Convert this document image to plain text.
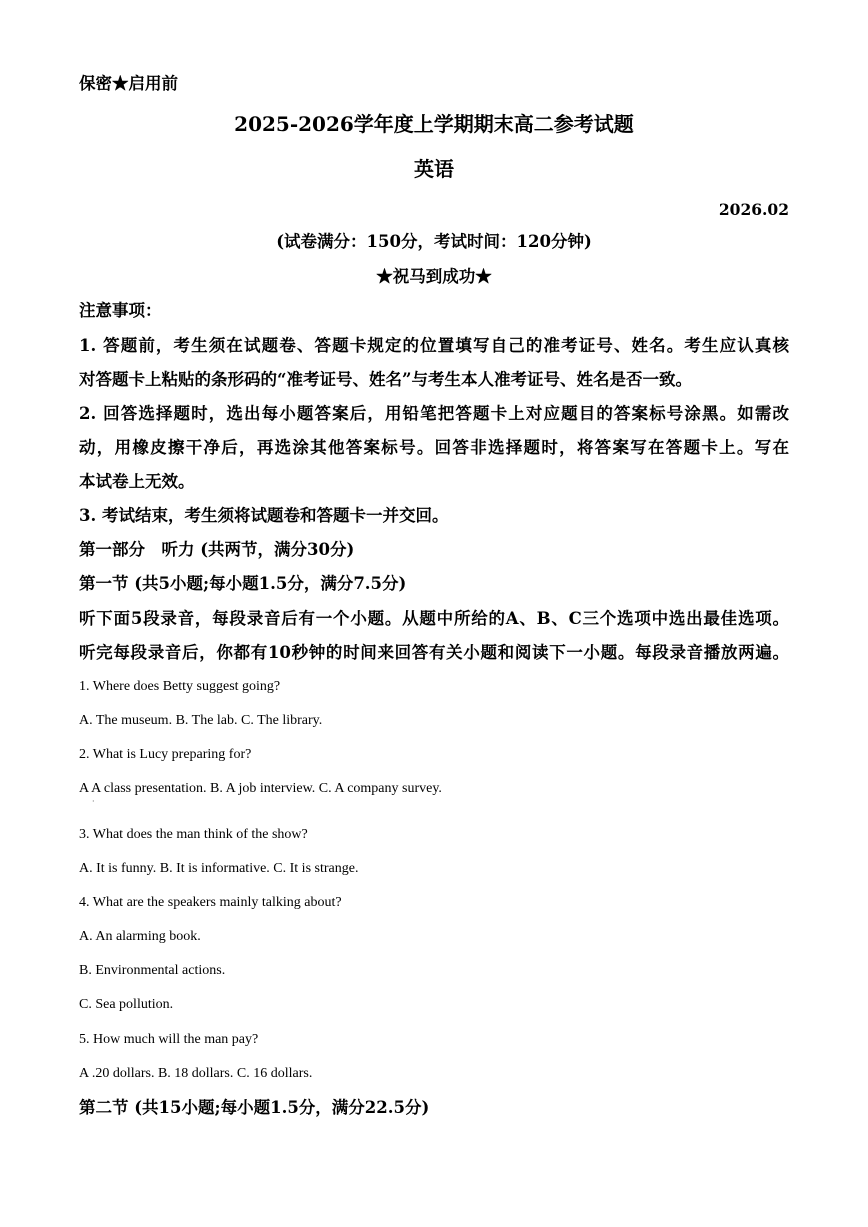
保密★启用前
2025-2026学年度上学期期末高二参考试题
英语
2026.02
(试卷满分：150分，考试时间：120分钟)
★祝马到成功★
注意事项：
1. 答题前，考生须在试题卷、答题卡规定的位置填写自己的准考证号、姓名。考生应认真核
对答题卡上粘贴的条形码的“准考证号、姓名”与考生本人准考证号、姓名是否一致。
2. 回答选择题时，选出每小题答案后，用铅笔把答题卡上对应题目的答案标号涂黑。如需改
动，用橡皮擦干净后，再选涂其他答案标号。回答非选择题时，将答案写在答题卡上。写在
本试卷上无效。
3. 考试结束，考生须将试题卷和答题卡一并交回。
第一部分　听力 (共两节，满分30分)
第一节 (共5小题;每小题1.5分，满分7.5分)
听下面5段录音，每段录音后有一个小题。从题中所给的A、B、C三个选项中选出最佳选项。
听完每段录音后，你都有10秒钟的时间来回答有关小题和阅读下一小题。每段录音播放两遍。
1. Where does Betty suggest going?
A. The museum. B. The lab. C. The library.
2. What is Lucy preparing for?
A A class presentation. B. A job interview. C. A company survey.
·
3. What does the man think of the show?
A. It is funny. B. It is informative. C. It is strange.
4. What are the speakers mainly talking about?
A. An alarming book.
B. Environmental actions.
C. Sea pollution.
5. How much will the man pay?
A .20 dollars. B. 18 dollars. C. 16 dollars.
第二节 (共15小题;每小题1.5分，满分22.5分)
